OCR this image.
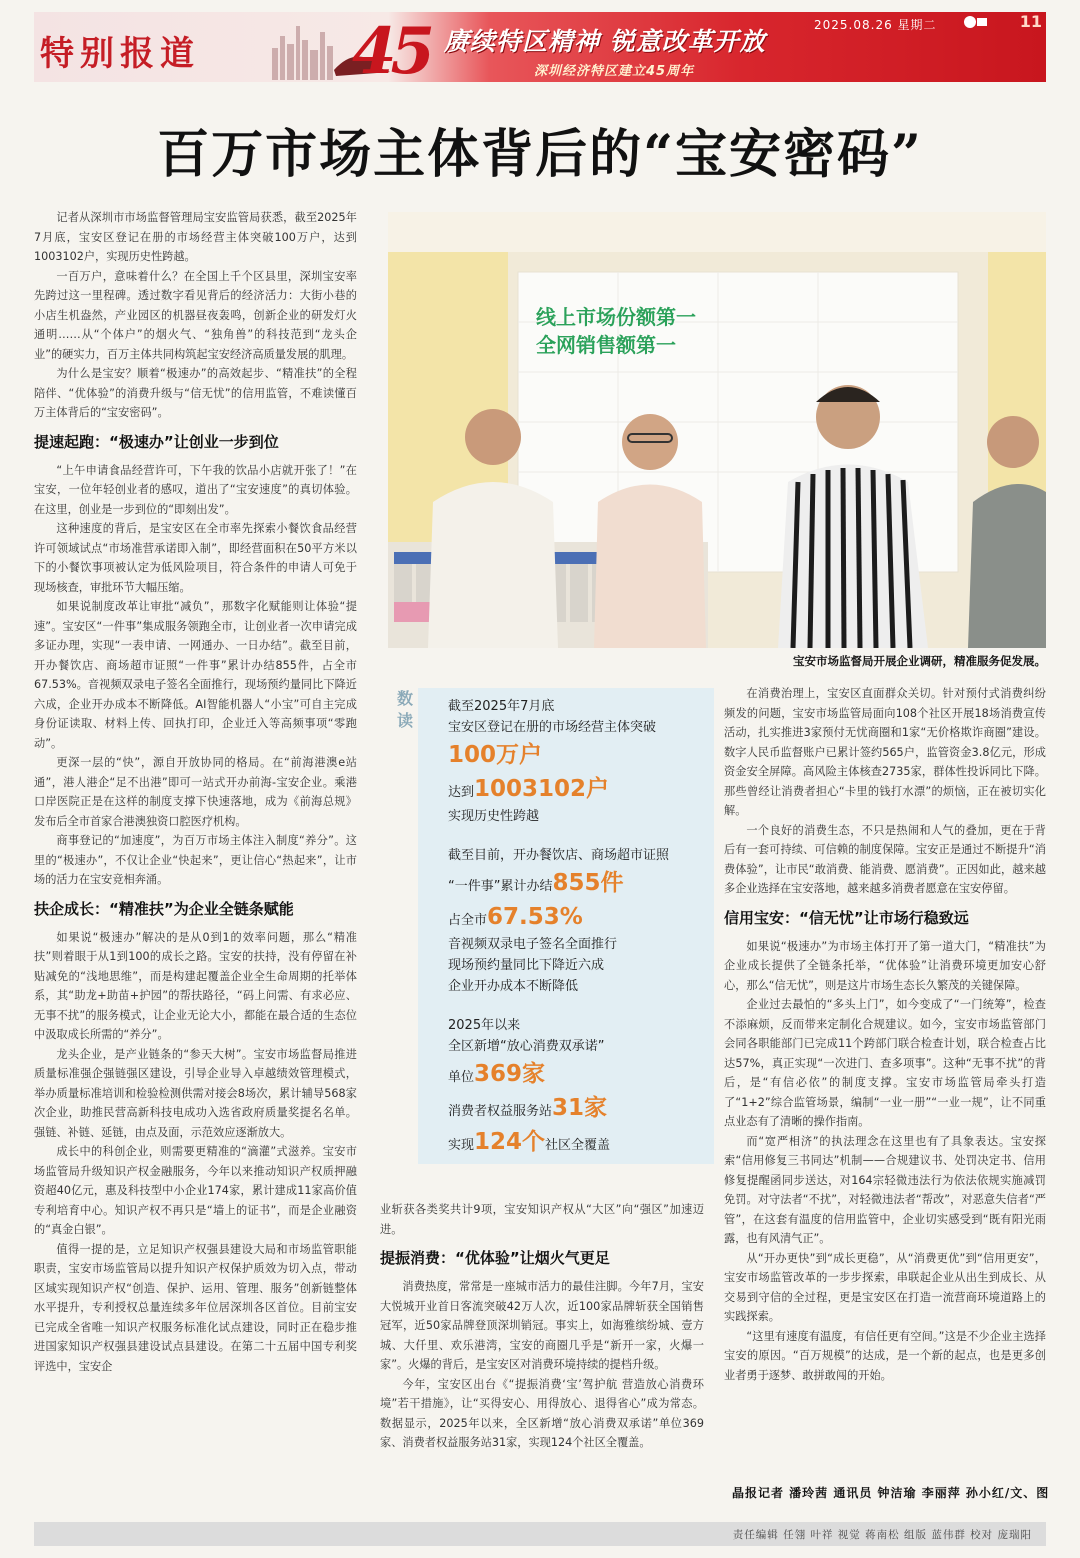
特别报道 45 赓续特区精神 锐意改革开放
深圳经济特区建立45周年
2025.08.26 星期二	11
百万市场主体背后的“宝安密码”

记者从深圳市市场监督管理局宝安监管局获悉，截至2025年7月底，宝安区登记在册的市场经营主体突破100万户，达到1003102户，实现历史性跨越。

一百万户，意味着什么？在全国上千个区县里，深圳宝安率先跨过这一里程碑。透过数字看见背后的经济活力：大街小巷的小店生机盎然，产业园区的机器昼夜轰鸣，创新企业的研发灯火通明……从“个体户”的烟火气、“独角兽”的科技范到“龙头企业”的硬实力，百万主体共同构筑起宝安经济高质量发展的肌理。

为什么是宝安？顺着“极速办”的高效起步、“精准扶”的全程陪伴、“优体验”的消费升级与“信无忧”的信用监管，不难读懂百万主体背后的“宝安密码”。

提速起跑：“极速办”让创业一步到位

“上午申请食品经营许可，下午我的饮品小店就开张了！”在宝安，一位年轻创业者的感叹，道出了“宝安速度”的真切体验。在这里，创业是一步到位的“即刻出发”。

这种速度的背后，是宝安区在全市率先探索小餐饮食品经营许可领域试点“市场准营承诺即入制”，即经营面积在50平方米以下的小餐饮事项被认定为低风险项目，符合条件的申请人可免于现场核查，审批环节大幅压缩。

如果说制度改革让审批“减负”，那数字化赋能则让体验“提速”。宝安区“一件事”集成服务领跑全市，让创业者一次申请完成多证办理，实现“一表申请、一网通办、一日办结”。截至目前，开办餐饮店、商场超市证照“一件事”累计办结855件，占全市67.53%。音视频双录电子签名全面推行，现场预约量同比下降近六成，企业开办成本不断降低。AI智能机器人“小宝”可自主完成身份证读取、材料上传、回执打印，企业迁入等高频事项“零跑动”。

更深一层的“快”，源自开放协同的格局。在“前海港澳e站通”，港人港企“足不出港”即可一站式开办前海-宝安企业。乘港口岸医院正是在这样的制度支撑下快速落地，成为《前海总规》发布后全市首家合港澳独资口腔医疗机构。

商事登记的“加速度”，为百万市场主体注入制度“养分”。这里的“极速办”，不仅让企业“快起来”，更让信心“热起来”，让市场的活力在宝安竞相奔涌。

扶企成长：“精准扶”为企业全链条赋能

如果说“极速办”解决的是从0到1的效率问题，那么“精准扶”则着眼于从1到100的成长之路。宝安的扶持，没有停留在补贴减免的“浅地思维”，而是构建起覆盖企业全生命周期的托举体系，其“助龙+助苗+护园”的帮扶路径，“码上问需、有求必应、无事不扰”的服务模式，让企业无论大小，都能在最合适的生态位中汲取成长所需的“养分”。

龙头企业，是产业链条的“参天大树”。宝安市场监督局推进质量标准强企强链强区建设，引导企业导入卓越绩效管理模式，举办质量标准培训和检验检测供需对接会8场次，累计辅导568家次企业，助推民营高新科技电成功入选省政府质量奖提名名单。强链、补链、延链，由点及面，示范效应逐渐放大。

成长中的科创企业，则需要更精准的“滴灌”式滋养。宝安市场监管局升级知识产权金融服务，今年以来推动知识产权质押融资超40亿元，惠及科技型中小企业174家，累计建成11家高价值专利培育中心。知识产权不再只是“墙上的证书”，而是企业融资的“真金白银”。

值得一提的是，立足知识产权强县建设大局和市场监管职能职责，宝安市场监管局以提升知识产权保护质效为切入点，带动区域实现知识产权“创造、保护、运用、管理、服务”创新链整体水平提升，专利授权总量连续多年位居深圳各区首位。目前宝安已完成全省唯一知识产权服务标准化试点建设，同时正在稳步推进国家知识产权强县建设试点县建设。在第二十五届中国专利奖评选中，宝安企

线上市场份额第一
全网销售额第一
宝安市场监督局开展企业调研，精准服务促发展。
数读
截至2025年7月底
宝安区登记在册的市场经营主体突破
100万户
达到1003102户
实现历史性跨越
截至目前，开办餐饮店、商场超市证照
“一件事”累计办结855件
占全市67.53%
音视频双录电子签名全面推行
现场预约量同比下降近六成
企业开办成本不断降低
2025年以来
全区新增“放心消费双承诺”
单位369家
消费者权益服务站31家
实现124个社区全覆盖

业斩获各类奖共计9项，宝安知识产权从“大区”向“强区”加速迈进。

提振消费：“优体验”让烟火气更足

消费热度，常常是一座城市活力的最佳注脚。今年7月，宝安大悦城开业首日客流突破42万人次，近100家品牌斩获全国销售冠军，近50家品牌登顶深圳销冠。事实上，如海雅缤纷城、壹方城、大仟里、欢乐港湾，宝安的商圈几乎是“新开一家，火爆一家”。火爆的背后，是宝安区对消费环境持续的提档升级。

今年，宝安区出台《“提振消费‘宝’驾护航 营造放心消费环境”若干措施》，让“买得安心、用得放心、退得省心”成为常态。数据显示，2025年以来，全区新增“放心消费双承诺”单位369家、消费者权益服务站31家，实现124个社区全覆盖。

在消费治理上，宝安区直面群众关切。针对预付式消费纠纷频发的问题，宝安市场监管局面向108个社区开展18场消费宣传活动，扎实推进3家预付无忧商圈和1家“无价格欺诈商圈”建设。数字人民币监督账户已累计签约565户，监管资金3.8亿元，形成资金安全屏障。高风险主体核查2735家，群体性投诉同比下降。那些曾经让消费者担心“卡里的钱打水漂”的烦恼，正在被切实化解。

一个良好的消费生态，不只是热闹和人气的叠加，更在于背后有一套可持续、可信赖的制度保障。宝安正是通过不断提升“消费体验”，让市民“敢消费、能消费、愿消费”。正因如此，越来越多企业选择在宝安落地，越来越多消费者愿意在宝安停留。

信用宝安：“信无忧”让市场行稳致远

如果说“极速办”为市场主体打开了第一道大门，“精准扶”为企业成长提供了全链条托举，“优体验”让消费环境更加安心舒心，那么“信无忧”，则是这片市场生态长久繁茂的关键保障。

企业过去最怕的“多头上门”，如今变成了“一门统筹”，检查不添麻烦，反而带来定制化合规建议。如今，宝安市场监管部门会同各职能部门已完成11个跨部门联合检查计划，联合检查占比达57%，真正实现“一次进门、查多项事”。这种“无事不扰”的背后，是“有信必依”的制度支撑。宝安市场监管局牵头打造了“1+2”综合监管场景，编制“一业一册”“一业一规”，让不同重点业态有了清晰的操作指南。

而“宽严相济”的执法理念在这里也有了具象表达。宝安探索“信用修复三书同达”机制——合规建议书、处罚决定书、信用修复提醒函同步送达，对164宗轻微违法行为依法依规实施减罚免罚。对守法者“不扰”，对轻微违法者“帮改”，对恶意失信者“严管”，在这套有温度的信用监管中，企业切实感受到“既有阳光雨露，也有风清气正”。

从“开办更快”到“成长更稳”，从“消费更优”到“信用更安”，宝安市场监管改革的一步步探索，串联起企业从出生到成长、从交易到守信的全过程，更是宝安区在打造一流营商环境道路上的实践探索。

“这里有速度有温度，有信任更有空间。”这是不少企业主选择宝安的原因。“百万规模”的达成，是一个新的起点，也是更多创业者勇于逐梦、敢拼敢闯的开始。

晶报记者 潘玲茜 通讯员 钟洁瑜 李丽萍 孙小红/文、图
责任编辑 任翎 叶祥 视觉 蒋南松 组版 蓝伟群 校对 庞瑞阳
